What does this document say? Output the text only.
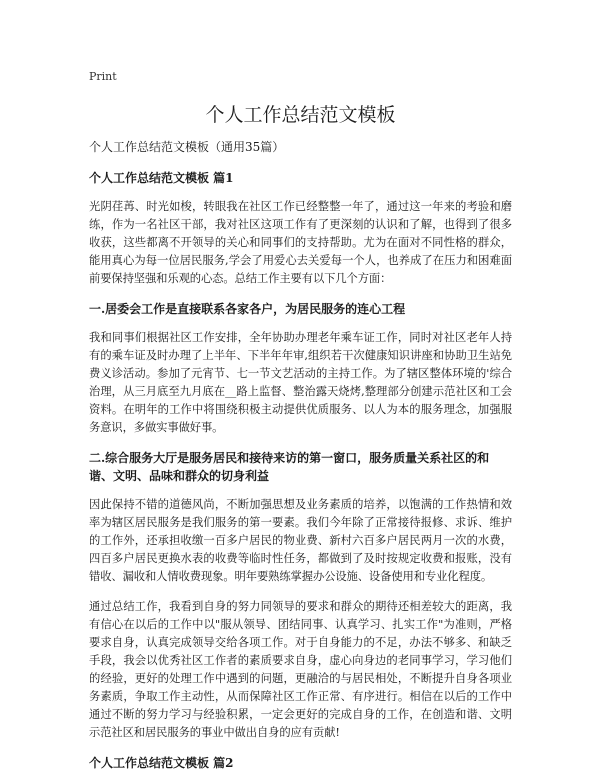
Print
个人工作总结范文模板
个人工作总结范文模板（通用35篇）
个人工作总结范文模板 篇1

光阴荏苒、时光如梭，转眼我在社区工作已经整整一年了，通过这一年来的考验和磨练，作为一名社区干部，我对社区这项工作有了更深刻的认识和了解，也得到了很多收获，这些都离不开领导的关心和同事们的支持帮助。尤为在面对不同性格的群众，能用真心为每一位居民服务,学会了用爱心去关爱每一个人，也养成了在压力和困难面前要保持坚强和乐观的心态。总结工作主要有以下几个方面：

一.居委会工作是直接联系各家各户，为居民服务的连心工程

我和同事们根据社区工作安排，全年协助办理老年乘车证工作，同时对社区老年人持有的乘车证及时办理了上半年、下半年年审,组织若干次健康知识讲座和协助卫生站免费义诊活动。参加了元宵节、七一节文艺活动的主持工作。为了辖区整体环境的'综合治理，从三月底至九月底在__路上监督、整治露天烧烤,整理部分创建示范社区和工会资料。在明年的工作中将围绕积极主动提供优质服务、以人为本的服务理念，加强服务意识，多做实事做好事。

二.综合服务大厅是服务居民和接待来访的第一窗口，服务质量关系社区的和谐、文明、品味和群众的切身利益

因此保持不错的道德风尚，不断加强思想及业务素质的培养，以饱满的工作热情和效率为辖区居民服务是我们服务的第一要素。我们今年除了正常接待报修、求诉、维护的工作外，还承担收缴一百多户居民的物业费、新村六百多户居民两月一次的水费，四百多户居民更换水表的收费等临时性任务，都做到了及时按规定收费和报账，没有错收、漏收和人情收费现象。明年要熟练掌握办公设施、设备使用和专业化程度。

通过总结工作，我看到自身的努力同领导的要求和群众的期待还相差较大的距离，我有信心在以后的工作中以"服从领导、团结同事、认真学习、扎实工作"为准则，严格要求自身，认真完成领导交给各项工作。对于自身能力的不足，办法不够多、和缺乏手段，我会以优秀社区工作者的素质要求自身，虚心向身边的老同事学习，学习他们的经验，更好的处理工作中遇到的问题，更融洽的与居民相处，不断提升自身各项业务素质，争取工作主动性，从而保障社区工作正常、有序进行。相信在以后的工作中通过不断的努力学习与经验积累，一定会更好的完成自身的工作，在创造和谐、文明示范社区和居民服务的事业中做出自身的应有贡献!

个人工作总结范文模板 篇2
